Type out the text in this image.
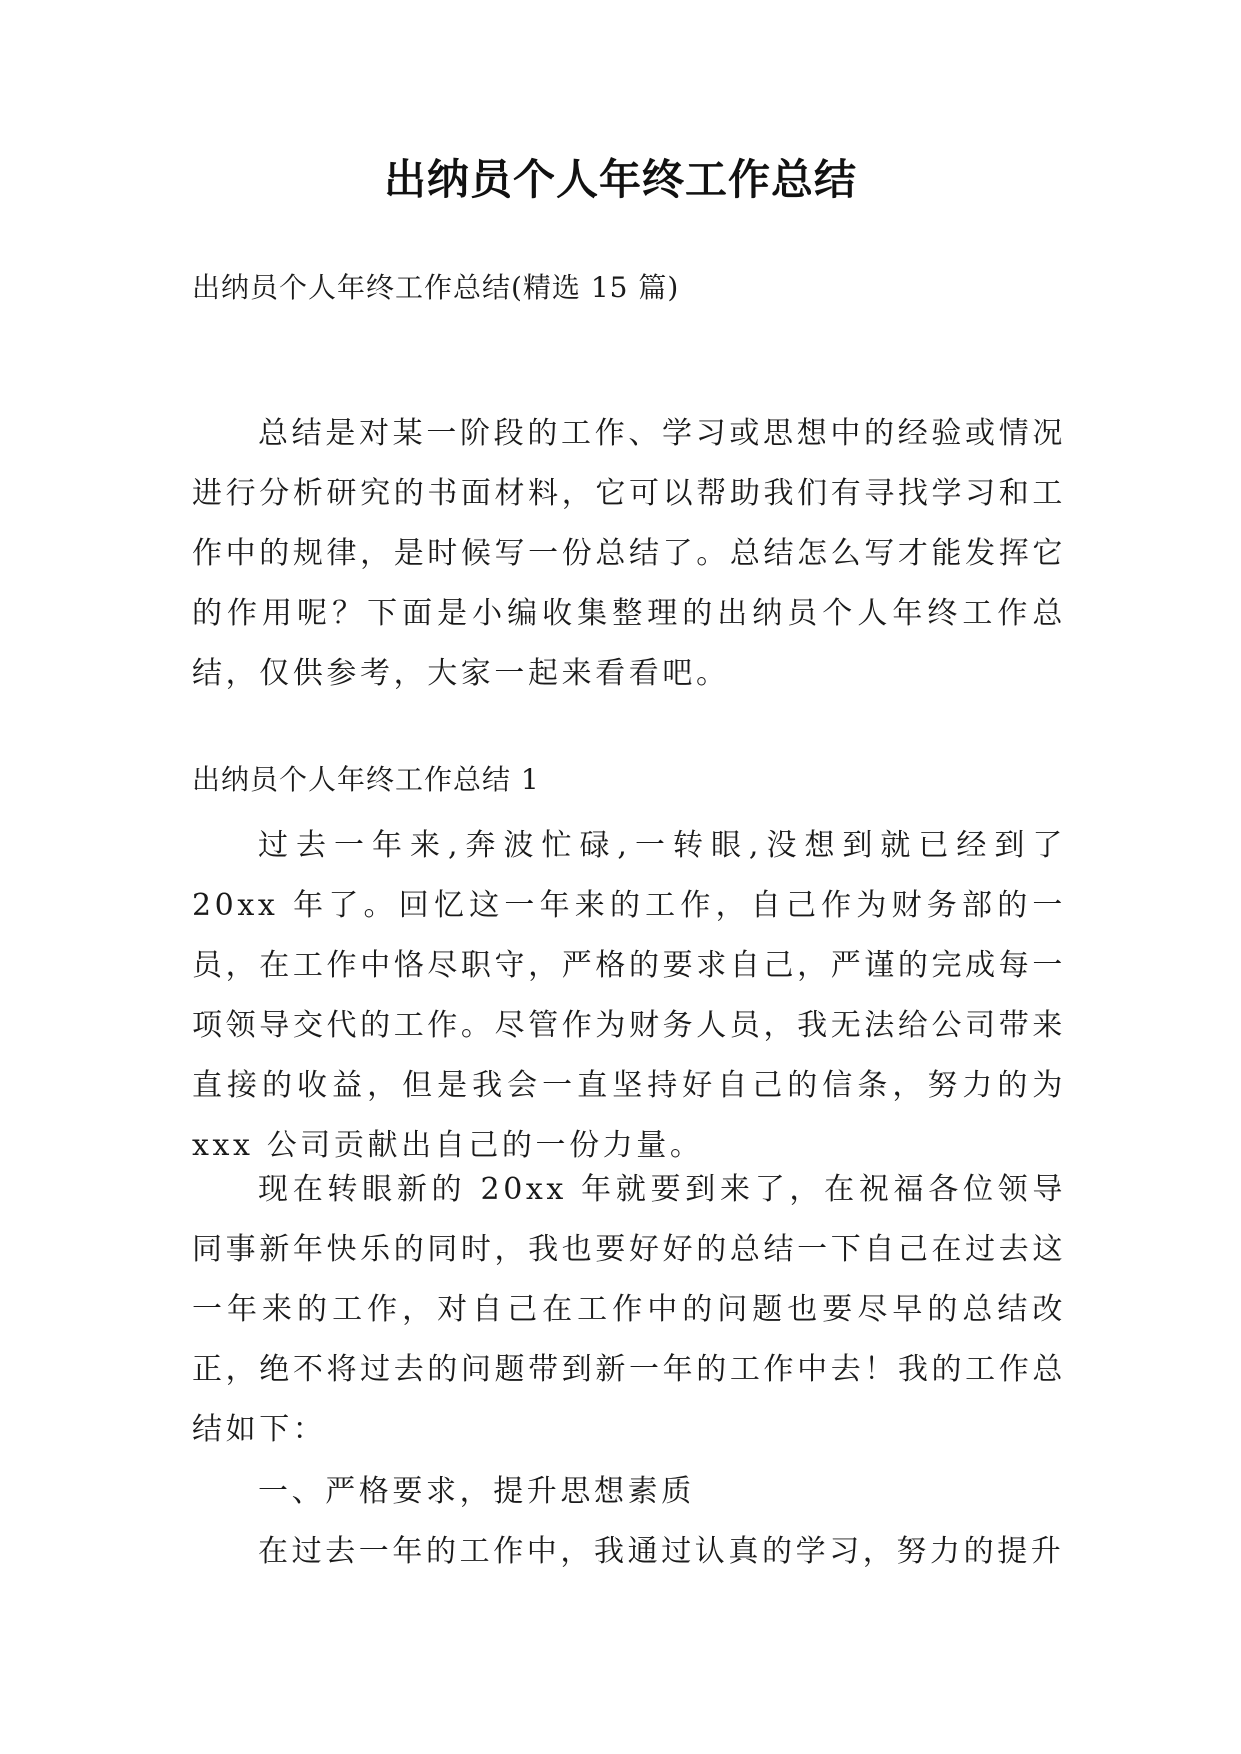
出纳员个人年终工作总结

出纳员个人年终工作总结(精选 15 篇)

总结是对某一阶段的工作、学习或思想中的经验或情况进行分析研究的书面材料，它可以帮助我们有寻找学习和工作中的规律，是时候写一份总结了。总结怎么写才能发挥它的作用呢？下面是小编收集整理的出纳员个人年终工作总结，仅供参考，大家一起来看看吧。

出纳员个人年终工作总结 1

过去一年来,奔波忙碌,一转眼,没想到就已经到了 20xx 年了。回忆这一年来的工作，自己作为财务部的一员，在工作中恪尽职守，严格的要求自己，严谨的完成每一项领导交代的工作。尽管作为财务人员，我无法给公司带来直接的收益，但是我会一直坚持好自己的信条，努力的为 xxx 公司贡献出自己的一份力量。

现在转眼新的 20xx 年就要到来了，在祝福各位领导同事新年快乐的同时，我也要好好的总结一下自己在过去这一年来的工作，对自己在工作中的问题也要尽早的总结改正，绝不将过去的问题带到新一年的工作中去！我的工作总结如下：

一、严格要求，提升思想素质

在过去一年的工作中，我通过认真的学习，努力的提升
